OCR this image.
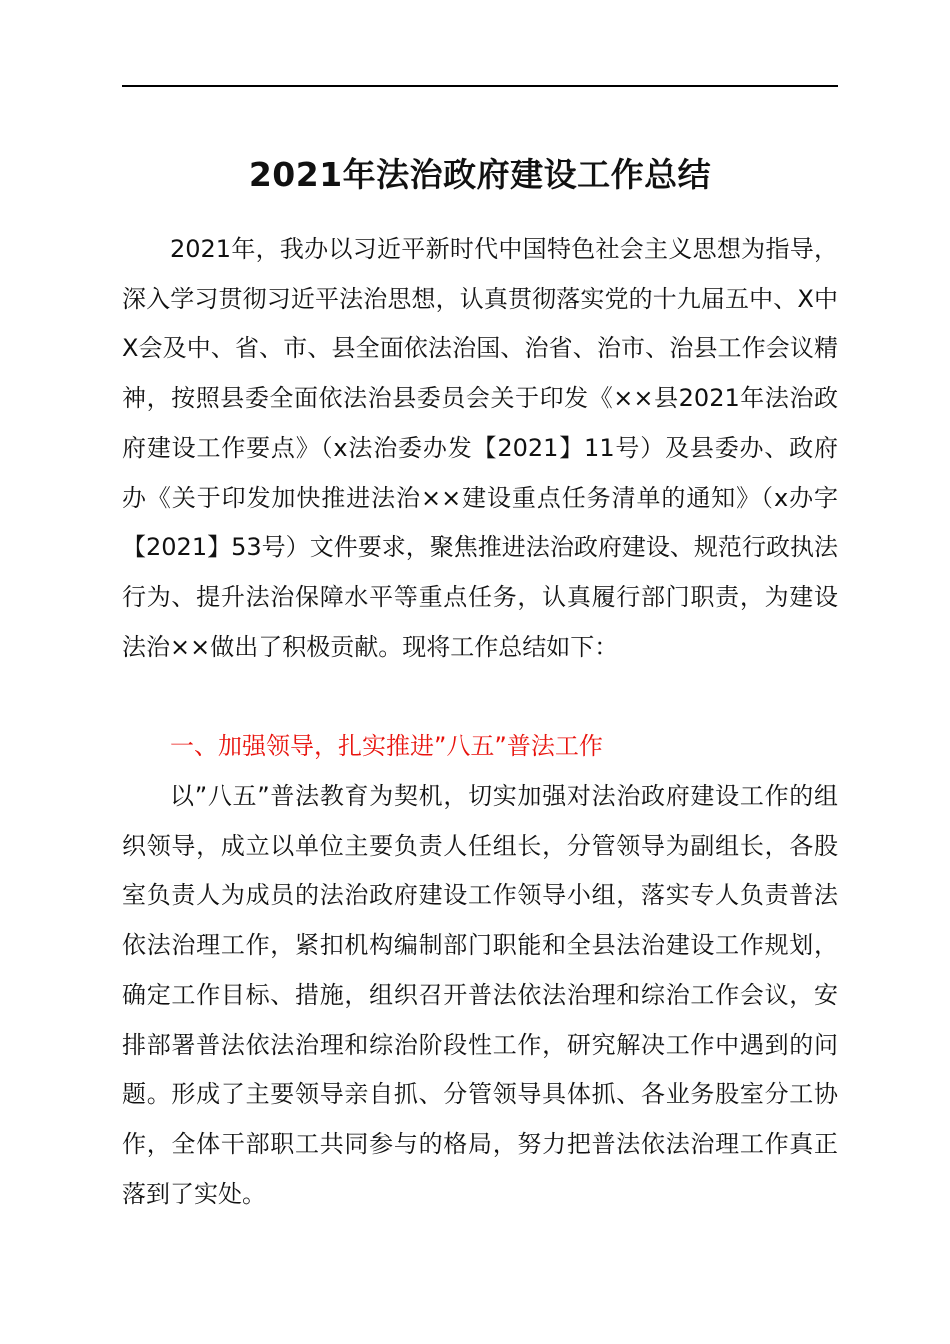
2021年法治政府建设工作总结

2021年，我办以习近平新时代中国特色社会主义思想为指导，深入学习贯彻习近平法治思想，认真贯彻落实党的十九届五中、X中X会及中、省、市、县全面依法治国、治省、治市、治县工作会议精神，按照县委全面依法治县委员会关于印发《××县2021年法治政府建设工作要点》（x法治委办发【2021】11号）及县委办、政府办《关于印发加快推进法治××建设重点任务清单的通知》（x办字【2021】53号）文件要求，聚焦推进法治政府建设、规范行政执法行为、提升法治保障水平等重点任务，认真履行部门职责，为建设法治××做出了积极贡献。现将工作总结如下：

一、加强领导，扎实推进”八五”普法工作

以”八五”普法教育为契机，切实加强对法治政府建设工作的组织领导，成立以单位主要负责人任组长，分管领导为副组长，各股室负责人为成员的法治政府建设工作领导小组，落实专人负责普法依法治理工作，紧扣机构编制部门职能和全县法治建设工作规划，确定工作目标、措施，组织召开普法依法治理和综治工作会议，安排部署普法依法治理和综治阶段性工作，研究解决工作中遇到的问题。形成了主要领导亲自抓、分管领导具体抓、各业务股室分工协作，全体干部职工共同参与的格局，努力把普法依法治理工作真正落到了实处。
